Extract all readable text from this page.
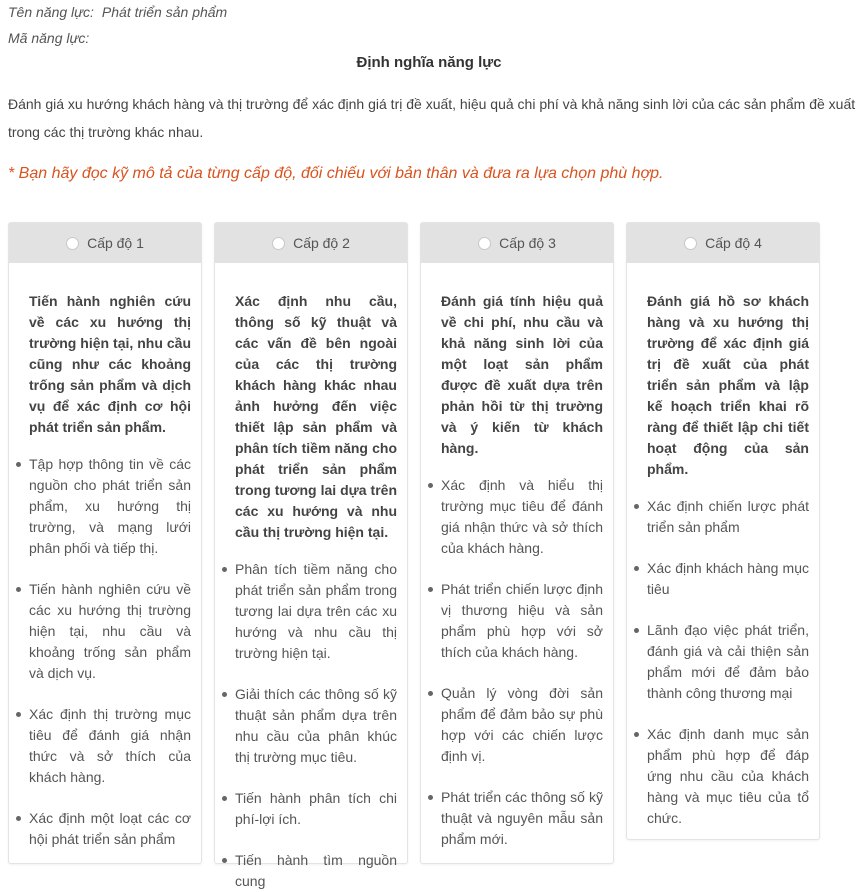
Tên năng lực: Phát triển sản phẩm
Mã năng lực:
Định nghĩa năng lực
Đánh giá xu hướng khách hàng và thị trường để xác định giá trị đề xuất, hiệu quả chi phí và khả năng sinh lời của các sản phẩm đề xuất trong các thị trường khác nhau.
* Bạn hãy đọc kỹ mô tả của từng cấp độ, đối chiếu với bản thân và đưa ra lựa chọn phù hợp.
Cấp độ 1

Tiến hành nghiên cứu về các xu hướng thị trường hiện tại, nhu cầu cũng như các khoảng trống sản phẩm và dịch vụ để xác định cơ hội phát triển sản phẩm.

Tập hợp thông tin về các nguồn cho phát triển sản phẩm, xu hướng thị trường, và mạng lưới phân phối và tiếp thị.
Tiến hành nghiên cứu về các xu hướng thị trường hiện tại, nhu cầu và khoảng trống sản phẩm và dịch vụ.
Xác định thị trường mục tiêu để đánh giá nhận thức và sở thích của khách hàng.
Xác định một loạt các cơ hội phát triển sản phẩm
Cấp độ 2

Xác định nhu cầu, thông số kỹ thuật và các vấn đề bên ngoài của các thị trường khách hàng khác nhau ảnh hưởng đến việc thiết lập sản phẩm và phân tích tiềm năng cho phát triển sản phẩm trong tương lai dựa trên các xu hướng và nhu cầu thị trường hiện tại.

Phân tích tiềm năng cho phát triển sản phẩm trong tương lai dựa trên các xu hướng và nhu cầu thị trường hiện tại.
Giải thích các thông số kỹ thuật sản phẩm dựa trên nhu cầu của phân khúc thị trường mục tiêu.
Tiến hành phân tích chi phí-lợi ích.
Tiến hành tìm nguồn cung
Cấp độ 3

Đánh giá tính hiệu quả về chi phí, nhu cầu và khả năng sinh lời của một loạt sản phẩm được đề xuất dựa trên phản hồi từ thị trường và ý kiến từ khách hàng.

Xác định và hiểu thị trường mục tiêu để đánh giá nhận thức và sở thích của khách hàng.
Phát triển chiến lược định vị thương hiệu và sản phẩm phù hợp với sở thích của khách hàng.
Quản lý vòng đời sản phẩm để đảm bảo sự phù hợp với các chiến lược định vị.
Phát triển các thông số kỹ thuật và nguyên mẫu sản phẩm mới.
Cấp độ 4

Đánh giá hồ sơ khách hàng và xu hướng thị trường để xác định giá trị đề xuất của phát triển sản phẩm và lập kế hoạch triển khai rõ ràng để thiết lập chi tiết hoạt động của sản phẩm.

Xác định chiến lược phát triển sản phẩm
Xác định khách hàng mục tiêu
Lãnh đạo việc phát triển, đánh giá và cải thiện sản phẩm mới để đảm bảo thành công thương mại
Xác định danh mục sản phẩm phù hợp để đáp ứng nhu cầu của khách hàng và mục tiêu của tổ chức.
